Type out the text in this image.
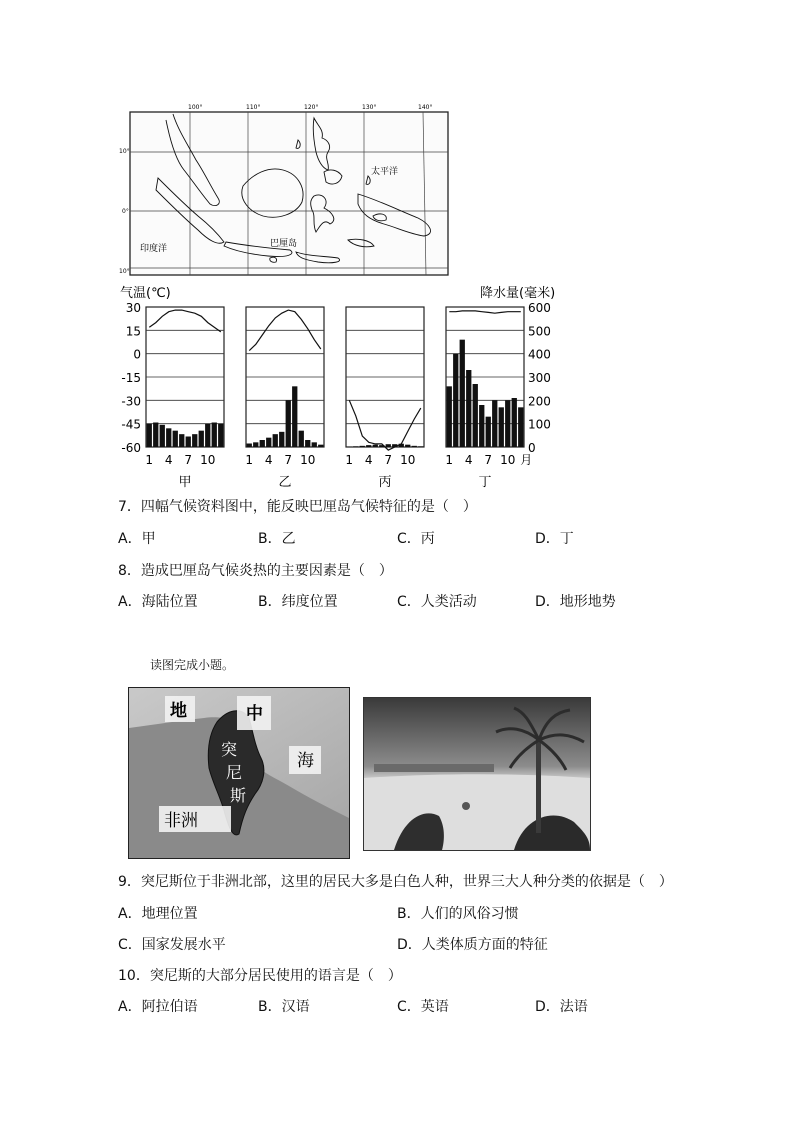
100°	110°	120°	130°	140°
10°
0°
10°
太平洋
印度洋	巴厘岛
气温(℃)	降水量(毫米)
30
15
0
-15
-30
-45
-60
600
500
400
300
200
100
0
1 4 7 10
甲
1 4 7 10
乙
1 4 7 10
丙
1 4 7 10 月
丁
7．四幅气候资料图中，能反映巴厘岛气候特征的是（　）
A．甲	B．乙	C．丙	D．丁
8．造成巴厘岛气候炎热的主要因素是（　）
A．海陆位置	B．纬度位置	C．人类活动	D．地形地势
读图完成小题。
地	中
海
突
尼
斯
非洲
9．突尼斯位于非洲北部，这里的居民大多是白色人种，世界三大人种分类的依据是（　）
A．地理位置	B．人们的风俗习惯
C．国家发展水平	D．人类体质方面的特征
10．突尼斯的大部分居民使用的语言是（　）
A．阿拉伯语	B．汉语	C．英语	D．法语
